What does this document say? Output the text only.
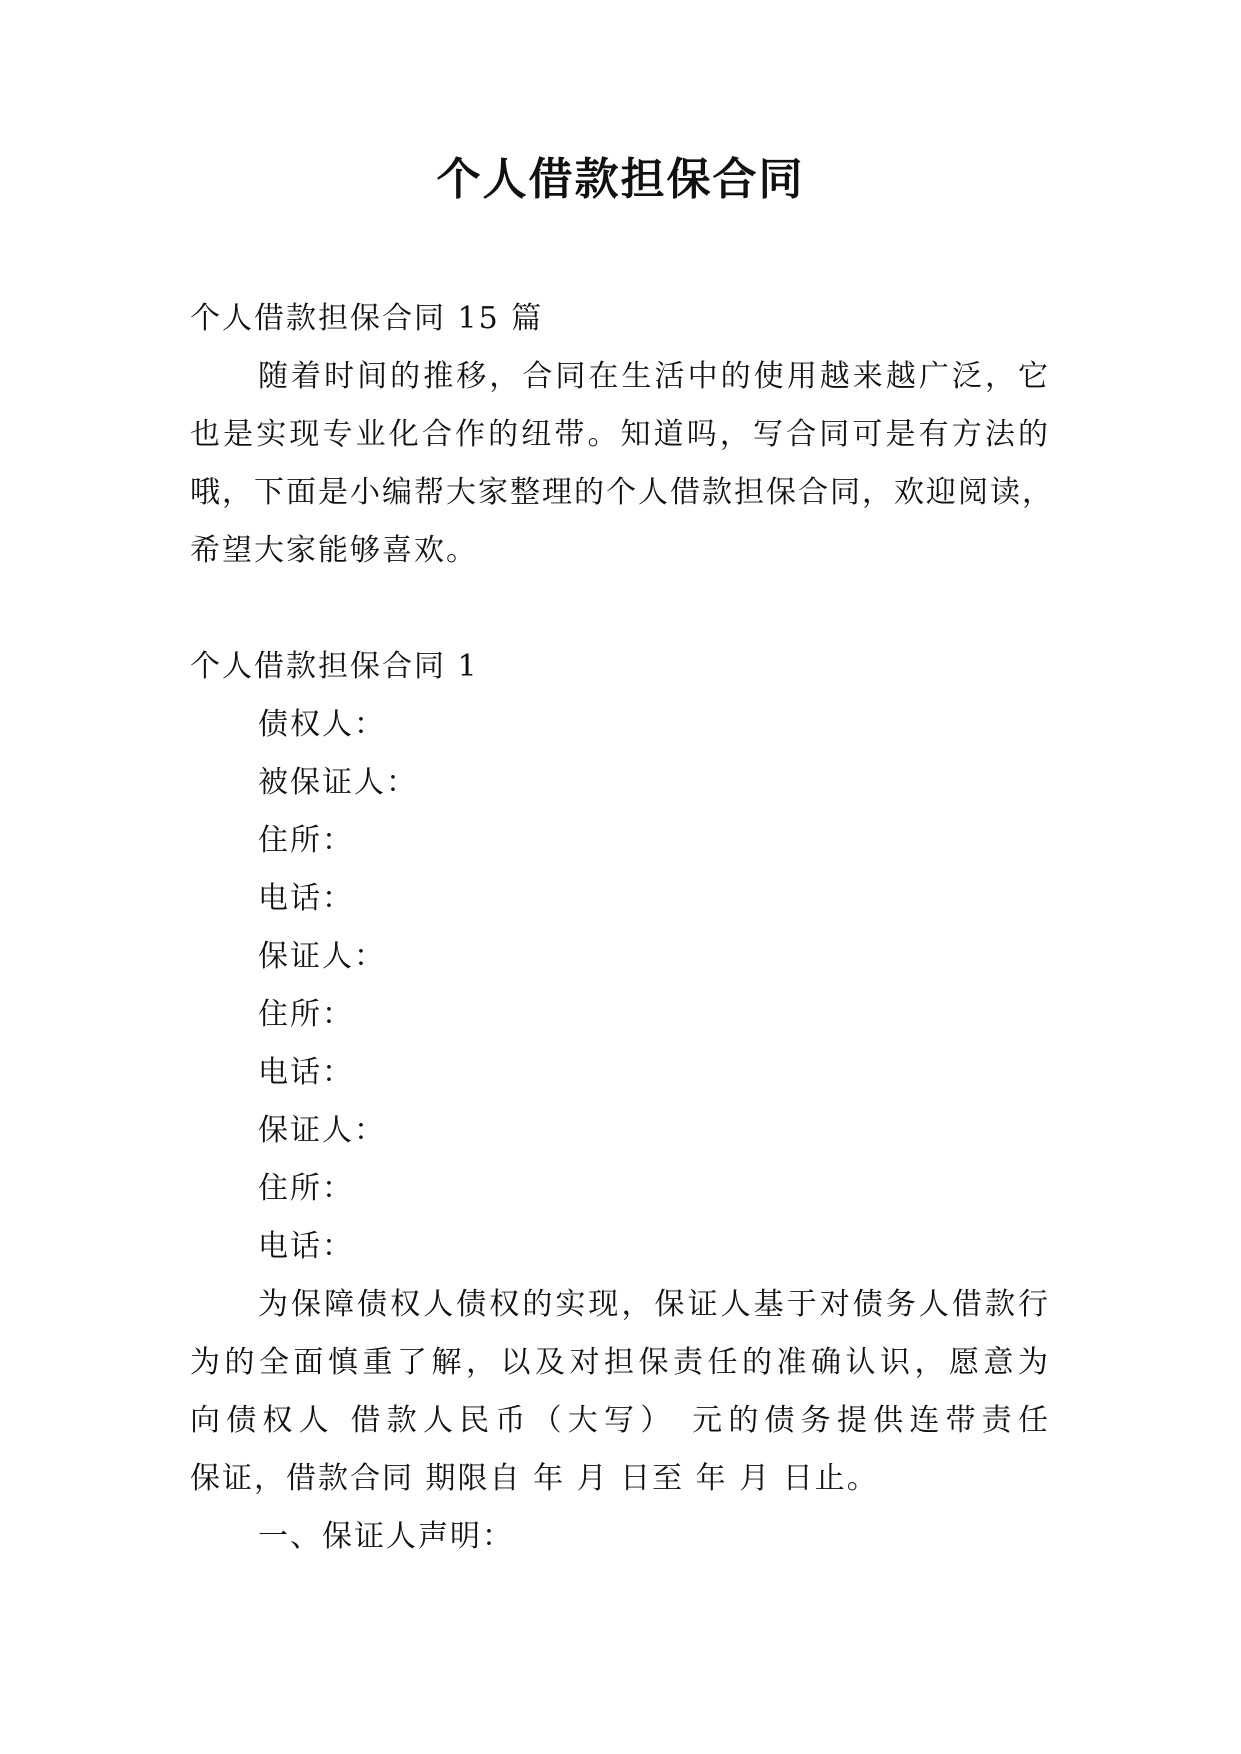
个人借款担保合同
个人借款担保合同 15 篇
随着时间的推移，合同在生活中的使用越来越广泛，它
也是实现专业化合作的纽带。知道吗，写合同可是有方法的
哦，下面是小编帮大家整理的个人借款担保合同，欢迎阅读，
希望大家能够喜欢。
个人借款担保合同 1
债权人：
被保证人：
住所：
电话：
保证人：
住所：
电话：
保证人：
住所：
电话：
为保障债权人债权的实现，保证人基于对债务人借款行
为的全面慎重了解，以及对担保责任的准确认识，愿意为
向债权人 借款人民币（大写） 元的债务提供连带责任
保证，借款合同 期限自 年 月 日至 年 月 日止。
一、保证人声明：
